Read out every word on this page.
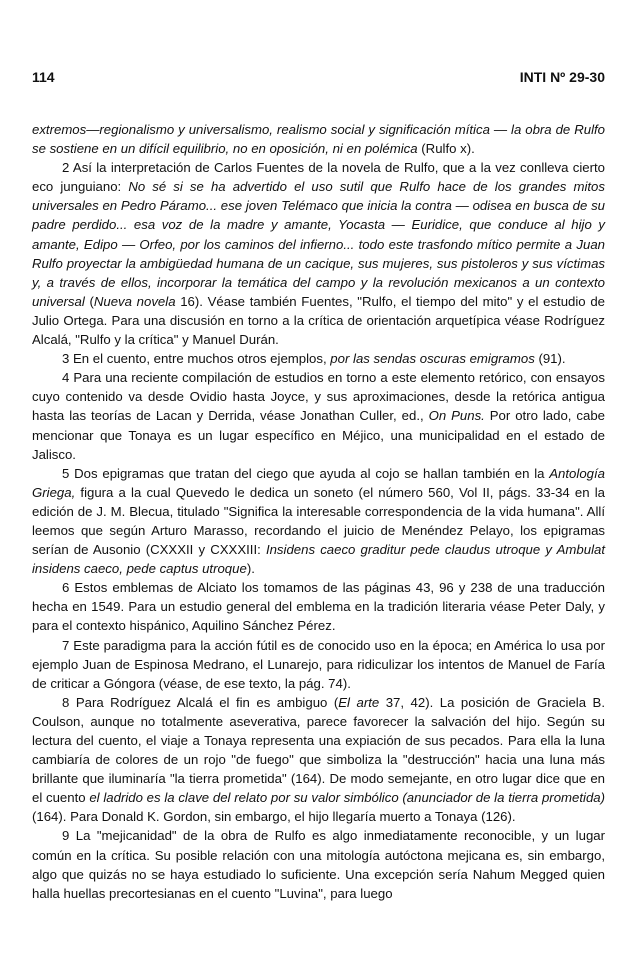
114	INTI Nº 29-30

extremos—regionalismo y universalismo, realismo social y significación mítica — la obra de Rulfo se sostiene en un difícil equilibrio, no en oposición, ni en polémica (Rulfo x).

2 Así la interpretación de Carlos Fuentes de la novela de Rulfo, que a la vez conlleva cierto eco junguiano: No sé si se ha advertido el uso sutil que Rulfo hace de los grandes mitos universales en Pedro Páramo... ese joven Telémaco que inicia la contra — odisea en busca de su padre perdido... esa voz de la madre y amante, Yocasta — Euridice, que conduce al hijo y amante, Edipo — Orfeo, por los caminos del infierno... todo este trasfondo mítico permite a Juan Rulfo proyectar la ambigüedad humana de un cacique, sus mujeres, sus pistoleros y sus víctimas y, a través de ellos, incorporar la temática del campo y la revolución mexicanos a un contexto universal (Nueva novela 16). Véase también Fuentes, "Rulfo, el tiempo del mito" y el estudio de Julio Ortega. Para una discusión en torno a la crítica de orientación arquetípica véase Rodríguez Alcalá, "Rulfo y la crítica" y Manuel Durán.

3 En el cuento, entre muchos otros ejemplos, por las sendas oscuras emigramos (91).

4 Para una reciente compilación de estudios en torno a este elemento retórico, con ensayos cuyo contenido va desde Ovidio hasta Joyce, y sus aproximaciones, desde la retórica antigua hasta las teorías de Lacan y Derrida, véase Jonathan Culler, ed., On Puns. Por otro lado, cabe mencionar que Tonaya es un lugar específico en Méjico, una municipalidad en el estado de Jalisco.

5 Dos epigramas que tratan del ciego que ayuda al cojo se hallan también en la Antología Griega, figura a la cual Quevedo le dedica un soneto (el número 560, Vol II, págs. 33-34 en la edición de J. M. Blecua, titulado "Significa la interesable correspondencia de la vida humana". Allí leemos que según Arturo Marasso, recordando el juicio de Menéndez Pelayo, los epigramas serían de Ausonio (CXXXII y CXXXIII: Insidens caeco graditur pede claudus utroque y Ambulat insidens caeco, pede captus utroque).

6 Estos emblemas de Alciato los tomamos de las páginas 43, 96 y 238 de una traducción hecha en 1549. Para un estudio general del emblema en la tradición literaria véase Peter Daly, y para el contexto hispánico, Aquilino Sánchez Pérez.

7 Este paradigma para la acción fútil es de conocido uso en la época; en América lo usa por ejemplo Juan de Espinosa Medrano, el Lunarejo, para ridiculizar los intentos de Manuel de Faría de criticar a Góngora (véase, de ese texto, la pág. 74).

8 Para Rodríguez Alcalá el fin es ambiguo (El arte 37, 42). La posición de Graciela B. Coulson, aunque no totalmente aseverativa, parece favorecer la salvación del hijo. Según su lectura del cuento, el viaje a Tonaya representa una expiación de sus pecados. Para ella la luna cambiaría de colores de un rojo "de fuego" que simboliza la "destrucción" hacia una luna más brillante que iluminaría "la tierra prometida" (164). De modo semejante, en otro lugar dice que en el cuento el ladrido es la clave del relato por su valor simbólico (anunciador de la tierra prometida) (164). Para Donald K. Gordon, sin embargo, el hijo llegaría muerto a Tonaya (126).

9 La "mejicanidad" de la obra de Rulfo es algo inmediatamente reconocible, y un lugar común en la crítica. Su posible relación con una mitología autóctona mejicana es, sin embargo, algo que quizás no se haya estudiado lo suficiente. Una excepción sería Nahum Megged quien halla huellas precortesianas en el cuento "Luvina", para luego
